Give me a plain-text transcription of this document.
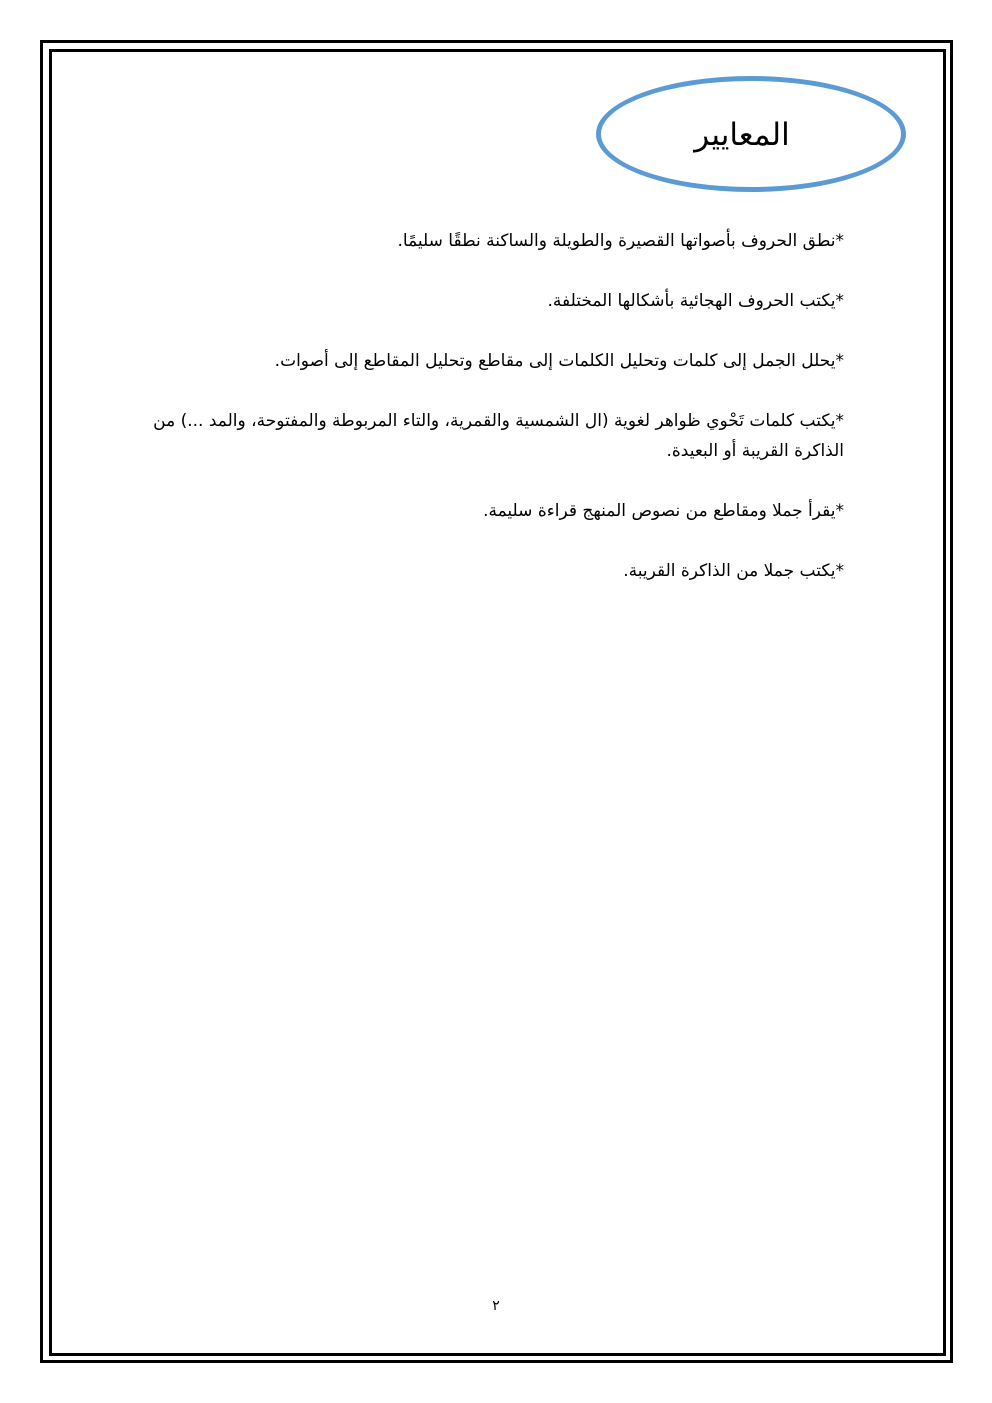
المعايير
*نطق الحروف بأصواتها القصيرة والطويلة والساكنة نطقًا سليمًا.
*يكتب الحروف الهجائية بأشكالها المختلفة.
*يحلل الجمل إلى كلمات وتحليل الكلمات إلى مقاطع وتحليل المقاطع إلى أصوات.
*يكتب كلمات تَحْوي ظواهر لغوية (ال الشمسية والقمرية، والتاء المربوطة والمفتوحة، والمد ...) من الذاكرة القريبة أو البعيدة.
*يقرأ جملا ومقاطع من نصوص المنهج قراءة سليمة.
*يكتب جملا من الذاكرة القريبة.
٢
